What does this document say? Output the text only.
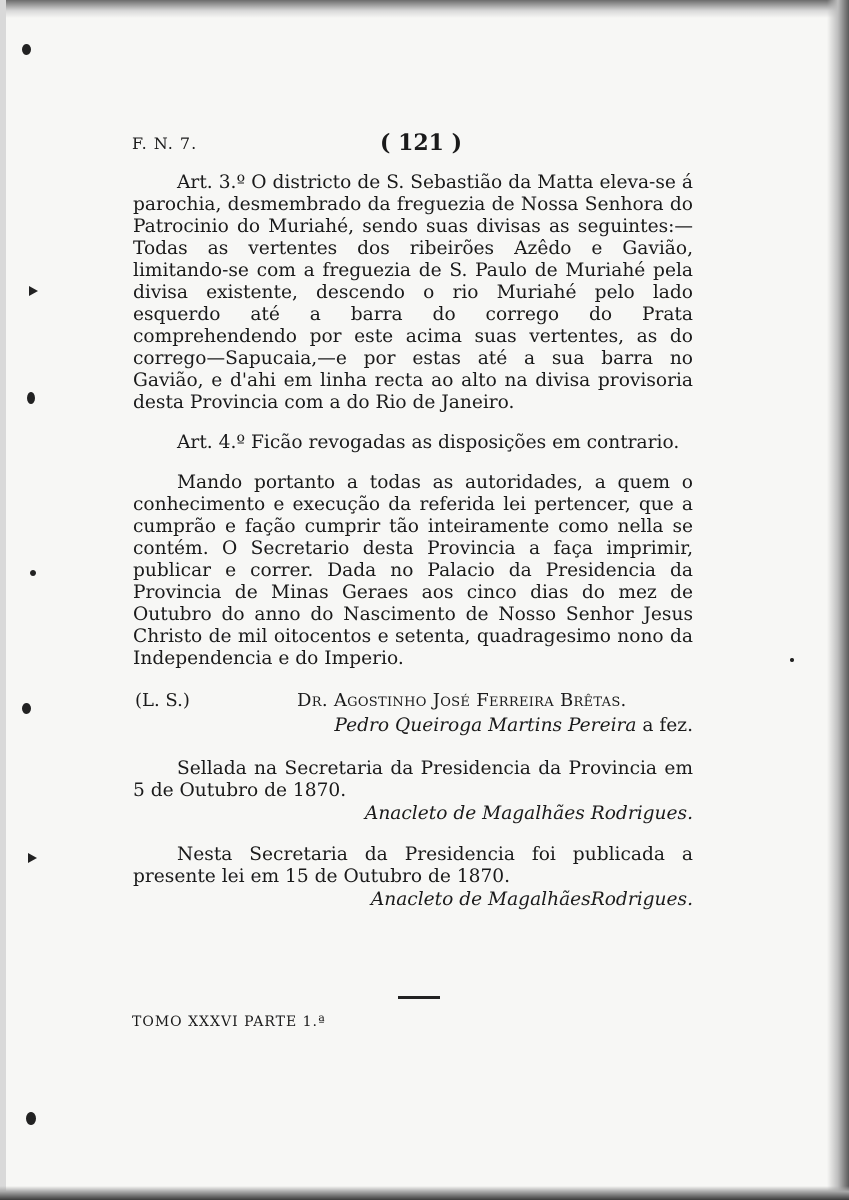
F. N. 7.	( 121 )

Art. 3.º O districto de S. Sebastião da Matta eleva-se á parochia, desmembrado da freguezia de Nossa Senhora do Patrocinio do Muriahé, sendo suas divisas as seguintes:—Todas as vertentes dos ribeirões Azêdo e Gavião, limitando-se com a freguezia de S. Paulo de Muriahé pela divisa existente, descendo o rio Muriahé pelo lado esquerdo até a barra do corrego do Prata comprehendendo por este acima suas vertentes, as do corrego—Sapucaia,—e por estas até a sua barra no Gavião, e d'ahi em linha recta ao alto na divisa provisoria desta Provincia com a do Rio de Janeiro.

Art. 4.º Ficão revogadas as disposições em contrario.

Mando portanto a todas as autoridades, a quem o conhecimento e execução da referida lei pertencer, que a cumprão e fação cumprir tão inteiramente como nella se contém. O Secretario desta Provincia a faça imprimir, publicar e correr. Dada no Palacio da Presidencia da Provincia de Minas Geraes aos cinco dias do mez de Outubro do anno do Nascimento de Nosso Senhor Jesus Christo de mil oitocentos e setenta, quadragesimo nono da Independencia e do Imperio.

(L. S.)	Dr. Agostinho José Ferreira Brêtas.

Pedro Queiroga Martins Pereira a fez.

Sellada na Secretaria da Presidencia da Provincia em 5 de Outubro de 1870.

Anacleto de Magalhães Rodrigues.

Nesta Secretaria da Presidencia foi publicada a presente lei em 15 de Outubro de 1870.

Anacleto de MagalhãesRodrigues.

TOMO XXXVI PARTE 1.ª
